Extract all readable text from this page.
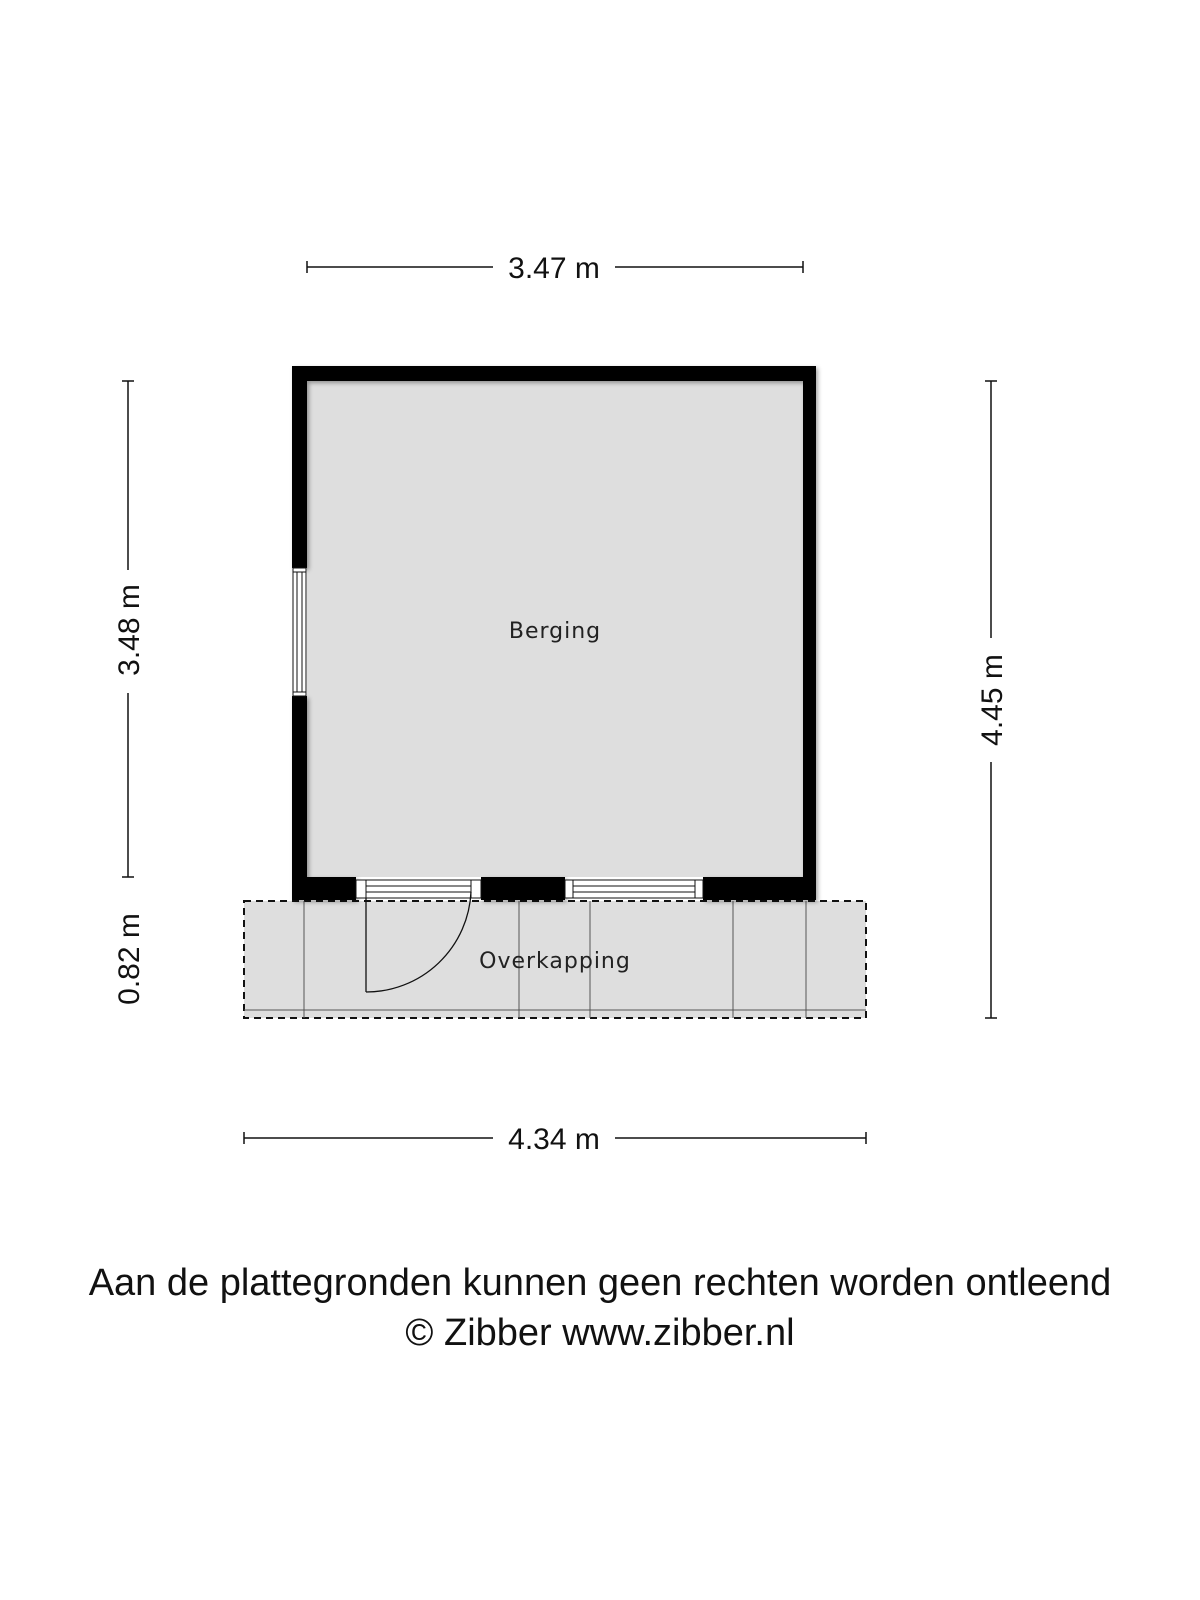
Berging
Overkapping
3.47 m
4.34 m
3.48 m
0.82 m
4.45 m

Aan de plattegronden kunnen geen rechten worden ontleend

© Zibber www.zibber.nl
